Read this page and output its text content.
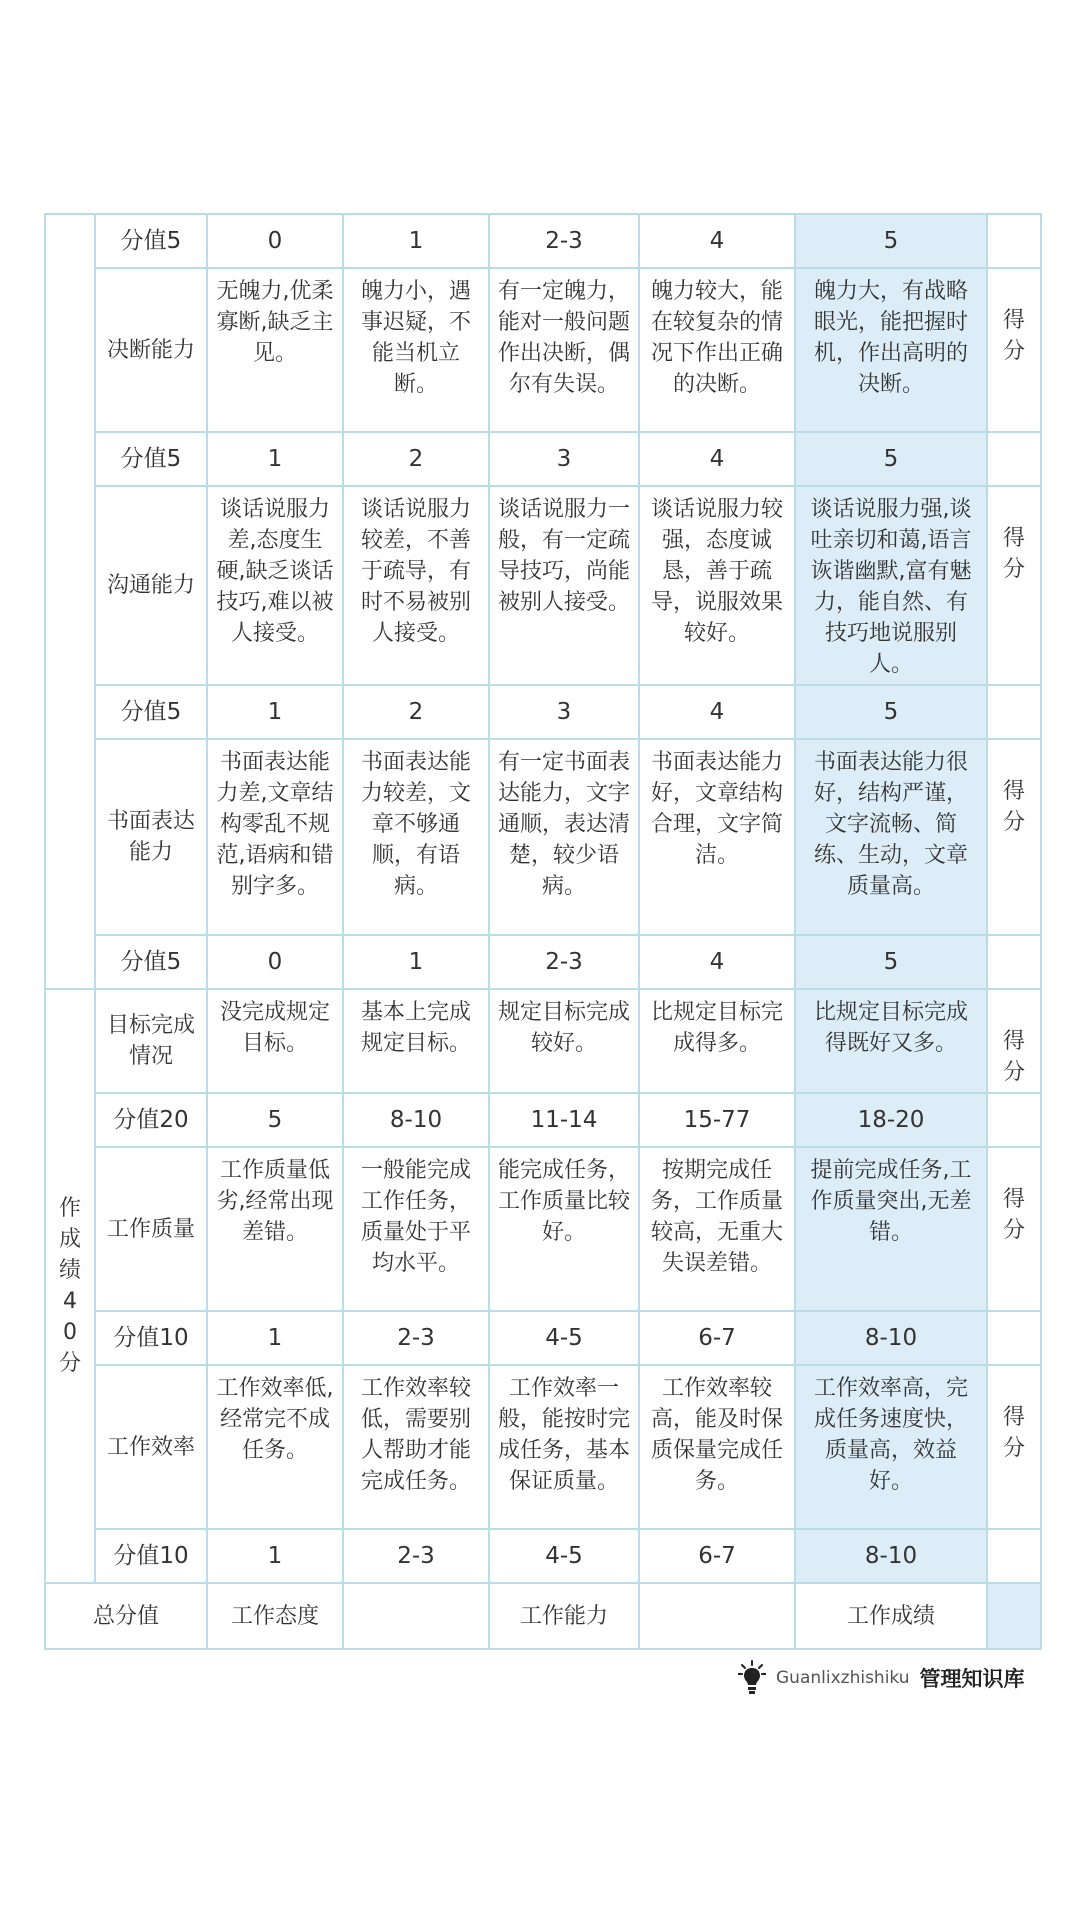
	分值5	0	1	2-3	4	5	
	决断能力	无魄力,优柔寡断,缺乏主见。	魄力小，遇事迟疑，不能当机立断。	有一定魄力，能对一般问题作出决断，偶尔有失误。	魄力较大，能在较复杂的情况下作出正确的决断。	魄力大，有战略眼光，能把握时机，作出高明的决断。	得分
	分值5	1	2	3	4	5	
	沟通能力	谈话说服力差,态度生硬,缺乏谈话技巧,难以被人接受。	谈话说服力较差，不善于疏导，有时不易被别人接受。	谈话说服力一般，有一定疏导技巧，尚能被别人接受。	谈话说服力较强，态度诚恳，善于疏导，说服效果较好。	谈话说服力强,谈吐亲切和蔼,语言诙谐幽默,富有魅力，能自然、有技巧地说服别人。	得分
	分值5	1	2	3	4	5	
	书面表达能力	书面表达能力差,文章结构零乱不规范,语病和错别字多。	书面表达能力较差，文章不够通顺，有语病。	有一定书面表达能力，文字通顺，表达清楚，较少语病。	书面表达能力好，文章结构合理，文字简洁。	书面表达能力很好，结构严谨，文字流畅、简练、生动，文章质量高。	得分
	分值5	0	1	2-3	4	5	
作成绩40分	目标完成情况	没完成规定目标。	基本上完成规定目标。	规定目标完成较好。	比规定目标完成得多。	比规定目标完成得既好又多。	得分
	分值20	5	8-10	11-14	15-77	18-20	
	工作质量	工作质量低劣,经常出现差错。	一般能完成工作任务，质量处于平均水平。	能完成任务，工作质量比较好。	按期完成任务，工作质量较高，无重大失误差错。	提前完成任务,工作质量突出,无差错。	得分
	分值10	1	2-3	4-5	6-7	8-10	
	工作效率	工作效率低,经常完不成任务。	工作效率较低，需要别人帮助才能完成任务。	工作效率一般，能按时完成任务，基本保证质量。	工作效率较高，能及时保质保量完成任务。	工作效率高，完成任务速度快，质量高，效益好。	得分
	分值10	1	2-3	4-5	6-7	8-10	
总分值		工作态度		工作能力		工作成绩	
Guanlixzhishiku 管理知识库
